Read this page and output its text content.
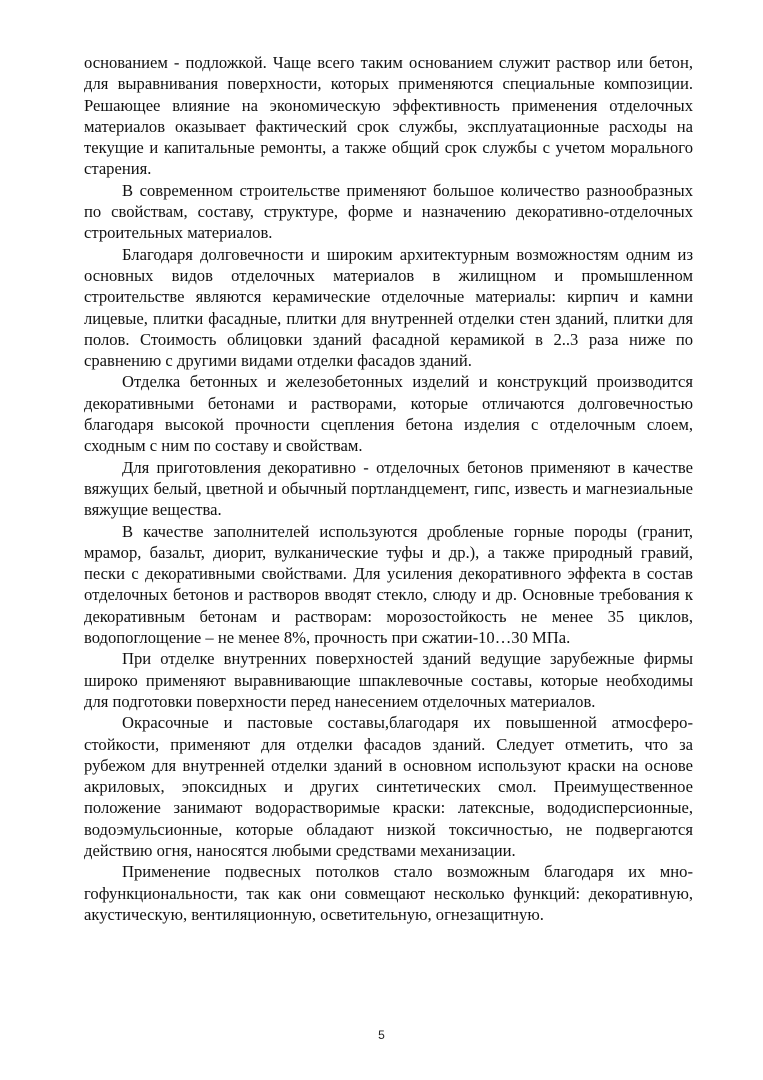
основанием - подложкой. Чаще всего таким основанием служит раствор или бетон, для выравнивания поверхности, которых применяются специальные композиции. Решающее влияние на экономическую эффективность применения отделочных материалов оказывает фактический срок службы, эксплуатационные расходы на текущие и капитальные ремонты, а также общий срок службы с учетом морального старения.

В современном строительстве применяют большое количество разнообразных по свойствам, составу, структуре, форме и назначению декоративно-отделочных строительных материалов.

Благодаря долговечности и широким архитектурным возможностям одним из основных видов отделочных материалов в жилищном и промышленном строительстве являются керамические отделочные материалы: кирпич и камни лицевые, плитки фасадные, плитки для внутренней отделки стен зданий, плитки для полов. Стоимость облицовки зданий фасадной керамикой в 2..3 раза ниже по сравнению с другими видами отделки фасадов зданий.

Отделка бетонных и железобетонных изделий и конструкций производится декоративными бетонами и растворами, которые отличаются долговечностью благодаря высокой прочности сцепления бетона изделия с отделочным слоем, сходным с ним по составу и свойствам.

Для приготовления декоративно - отделочных бетонов применяют в качестве вяжущих белый, цветной и обычный портландцемент, гипс, известь и магнезиальные вяжущие вещества.

В качестве заполнителей используются дробленые горные породы (гранит, мрамор, базальт, диорит, вулканические туфы и др.), а также природный гравий, пески с декоративными свойствами. Для усиления декоративного эффекта в состав отделочных бетонов и растворов вводят стекло, слюду и др. Основные требования к декоративным бетонам и растворам: морозостойкость не менее 35 циклов, водопоглощение – не менее 8%, прочность при сжатии-10…30 МПа.

При отделке внутренних поверхностей зданий ведущие зарубежные фирмы широко применяют выравнивающие шпаклевочные составы, которые необходимы для подготовки поверхности перед нанесением отделочных материалов.

Окрасочные и пастовые составы,благодаря их повышенной атмосферостойкости, применяют для отделки фасадов зданий. Следует отметить, что за рубежом для внутренней отделки зданий в основном используют краски на основе акриловых, эпоксидных и других синтетических смол. Преимущественное положение занимают водорастворимые краски: латексные, вододисперсионные, водоэмульсионные, которые обладают низкой токсичностью, не подвергаются действию огня, наносятся любыми средствами механизации.

Применение подвесных потолков стало возможным благодаря их многофункциональности, так как они совмещают несколько функций: декоративную, акустическую, вентиляционную, осветительную, огнезащитную.

5
